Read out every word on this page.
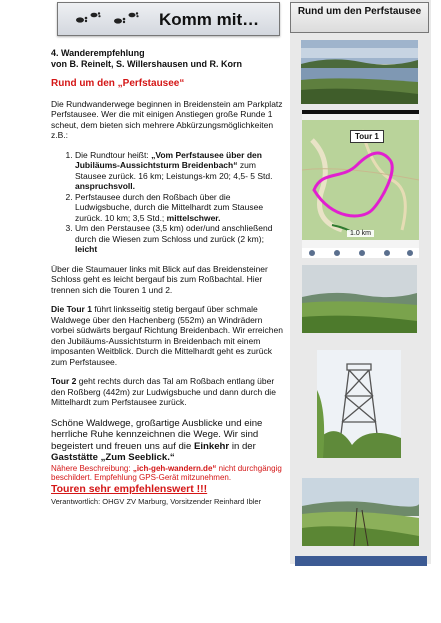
Komm mit…

4. Wanderempfehlung

von B. Reinelt, S. Willershausen und R. Korn

Rund um den „Perfstausee“

Die Rundwanderwege beginnen in Breidenstein am Parkplatz Perfstausee. Wer die mit einigen Anstiegen große Runde 1 scheut, dem bieten sich mehrere Abkürzungsmöglichkeiten z.B.:

1. Die Rundtour heißt: „Vom Perfstausee über den Jubiläums-Aussichtsturm Breidenbach“ zum Stausee zurück. 16 km; Leistungs-km 20; 4,5- 5 Std. anspruchsvoll.
2. Perfstausee durch den Roßbach über die Ludwigsbuche, durch die Mittelhardt zum Stausee zurück. 10 km; 3,5 Std.; mittelschwer.
3. Um den Perstausee (3,5 km) oder/und anschließend durch die Wiesen zum Schloss und zurück (2 km); leicht

Über die Staumauer links mit Blick auf das Breidensteiner Schloss geht es leicht bergauf bis zum Roßbachtal. Hier trennen sich die Touren 1 und 2.

Die Tour 1 führt linksseitig stetig bergauf über schmale Waldwege über den Hachenberg (552m) an Windrädern vorbei südwärts bergauf Richtung Breidenbach. Wir erreichen den Jubiläums-Aussichtsturm in Breidenbach mit einem imposanten Weitblick. Durch die Mittelhardt geht es zurück zum Perfstausee.

Tour 2 geht rechts durch das Tal am Roßbach entlang über den Roßberg (442m) zur Ludwigsbuche und dann durch die Mittelhardt zum Perfstausee zurück.

Schöne Waldwege, großartige Ausblicke und eine herrliche Ruhe kennzeichnen die Wege. Wir sind begeistert und freuen uns auf die Einkehr in der Gaststätte „Zum Seeblick.“

Nähere Beschreibung: „ich-geh-wandern.de“ nicht durchgängig beschildert. Empfehlung GPS-Gerät mitzunehmen.

Touren sehr empfehlenswert !!!

Verantwortlich: OHGV ZV Marburg, Vorsitzender Reinhard Ibler

Rund um den Perfstausee
Tour 1
1.0 km
